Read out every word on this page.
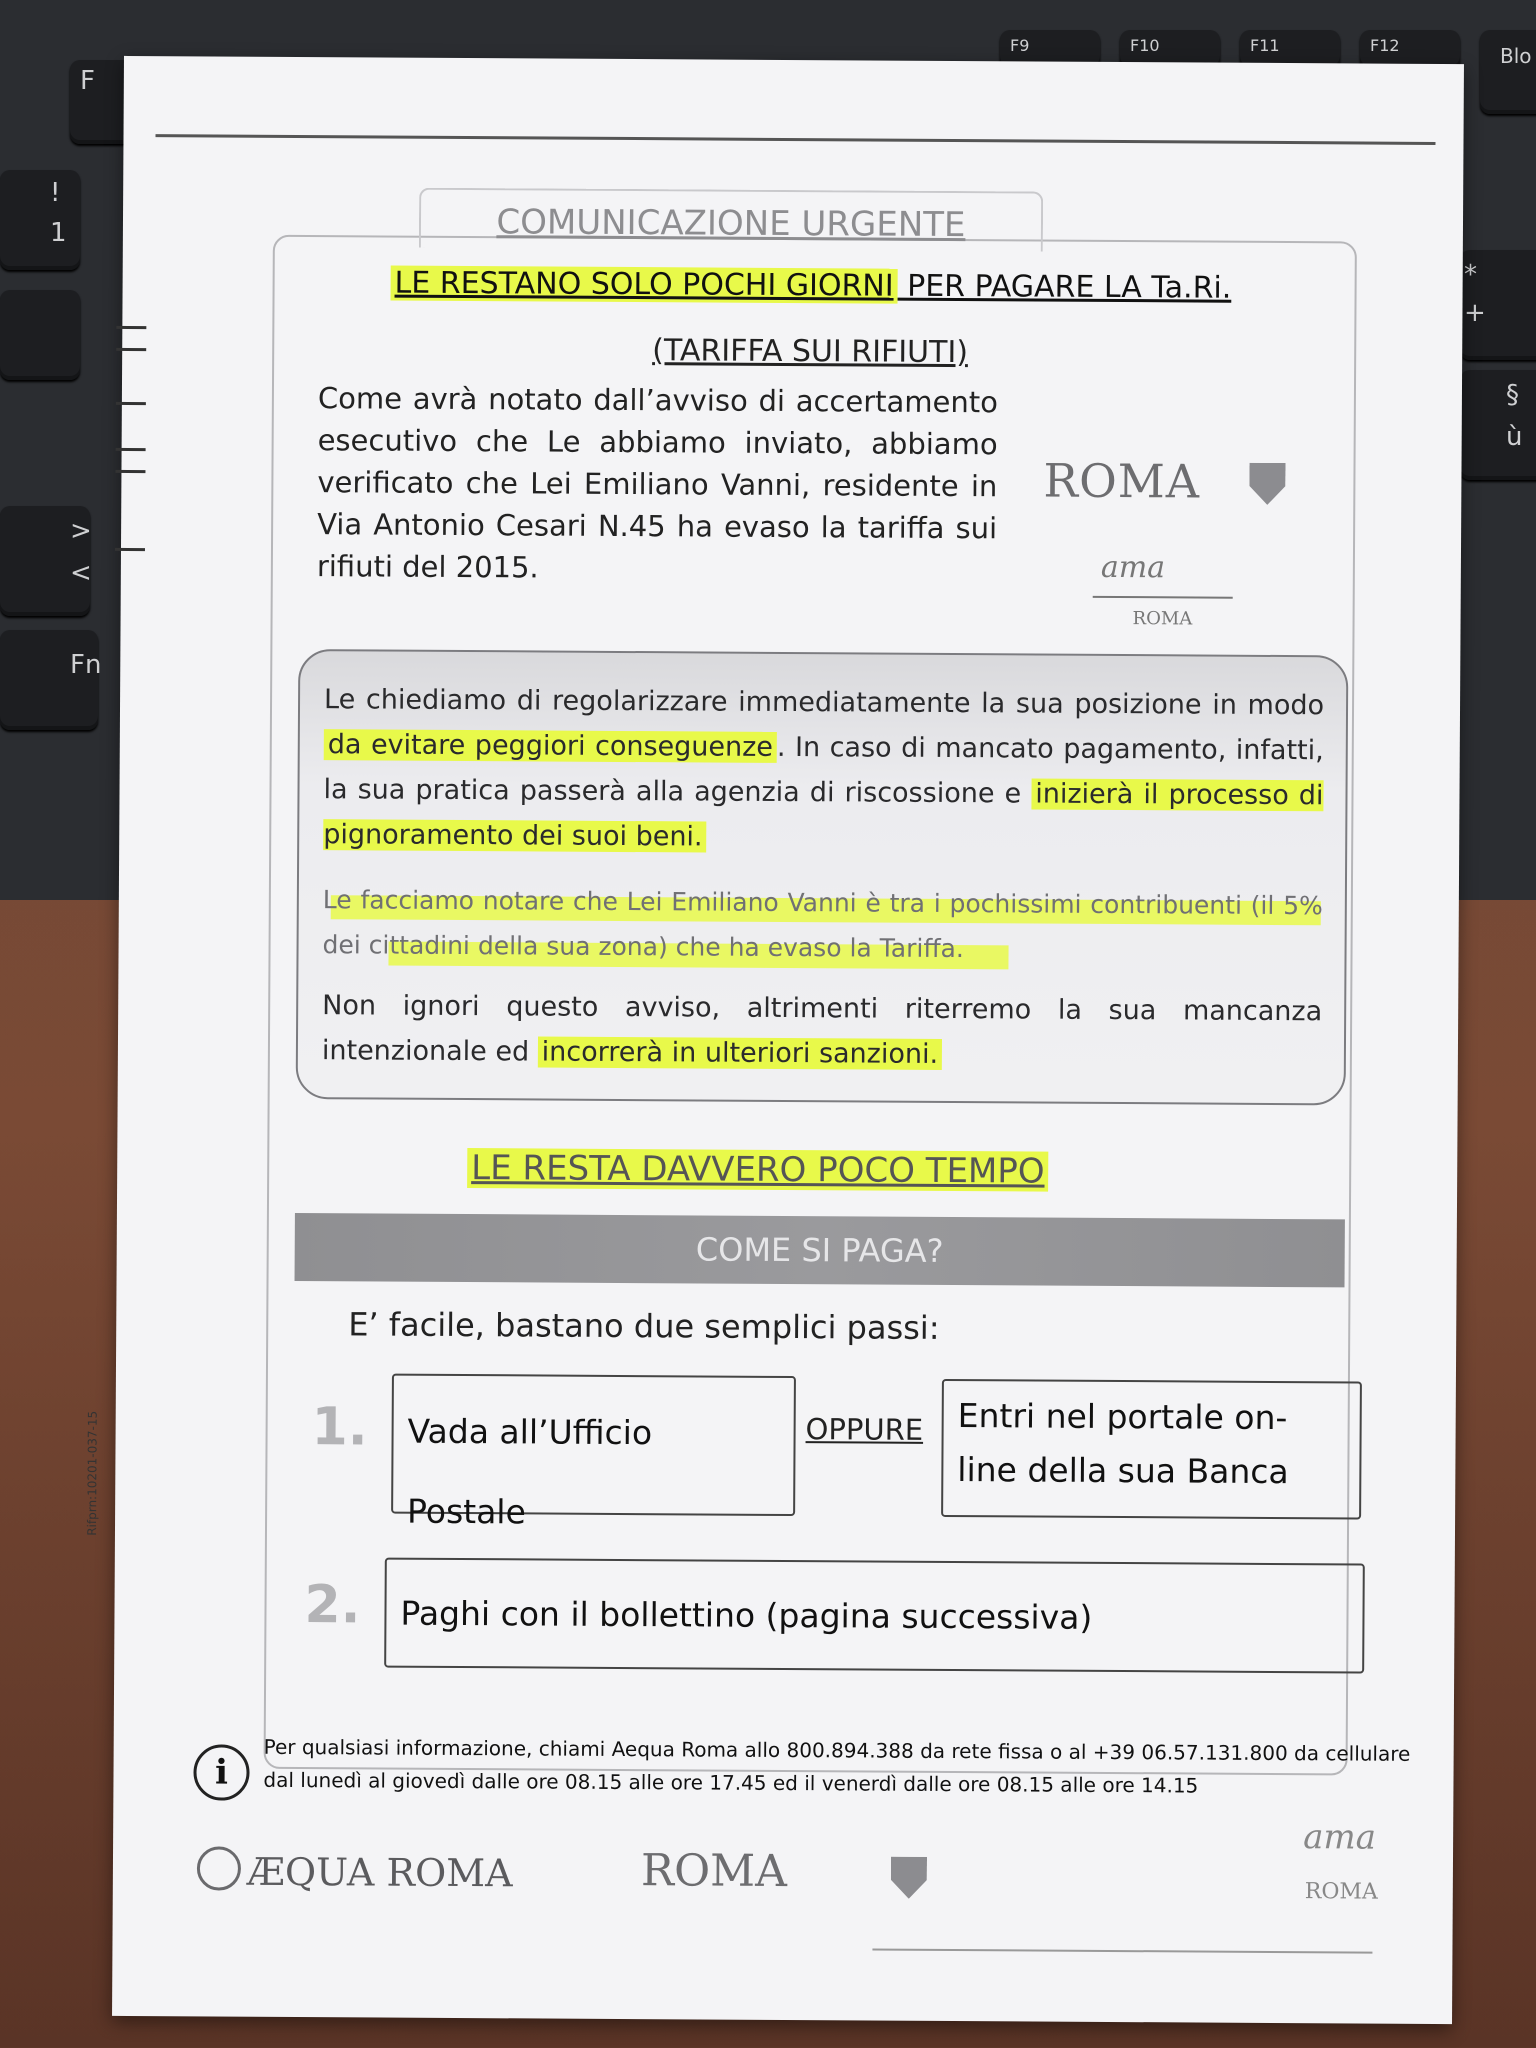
F
!
1
>
<
Fn
Blo
*
+
§
ù
F9	F10	F11	F12
Rifprn:10201-037-15
COMUNICAZIONE URGENTE
LE RESTANO SOLO POCHI GIORNI PER PAGARE LA Ta.Ri.
(TARIFFA SUI RIFIUTI)
Come avrà notato dall’avviso di accertamento esecutivo che Le abbiamo inviato, abbiamo verificato che Lei Emiliano Vanni, residente in Via Antonio Cesari N.45 ha evaso la tariffa sui rifiuti del 2015.
ROMA
ama
ROMA
Le chiediamo di regolarizzare immediatamente la sua posizione in modo da evitare peggiori conseguenze . In caso di mancato pagamento, infatti, la sua pratica passerà alla agenzia di riscossione e inizierà il processo di pignoramento dei suoi beni.
Le facciamo notare che Lei Emiliano Vanni è tra i pochissimi contribuenti (il 5% dei cittadini della sua zona) che ha evaso la Tariffa.
Non ignori questo avviso, altrimenti riterremo la sua mancanza intenzionale ed incorrerà in ulteriori sanzioni.
LE RESTA DAVVERO POCO TEMPO
COME SI PAGA?
E’ facile, bastano due semplici passi:
1.	Vada all’Ufficio Postale
OPPURE	Entri nel portale on-line della sua Banca
2.	Paghi con il bollettino (pagina successiva)
i
Per qualsiasi informazione, chiami Aequa Roma allo 800.894.388 da rete fissa o al +39 06.57.131.800 da cellulare
dal lunedì al giovedì dalle ore 08.15 alle ore 17.45 ed il venerdì dalle ore 08.15 alle ore 14.15
ÆQUA ROMA	ROMA
ama
ROMA
